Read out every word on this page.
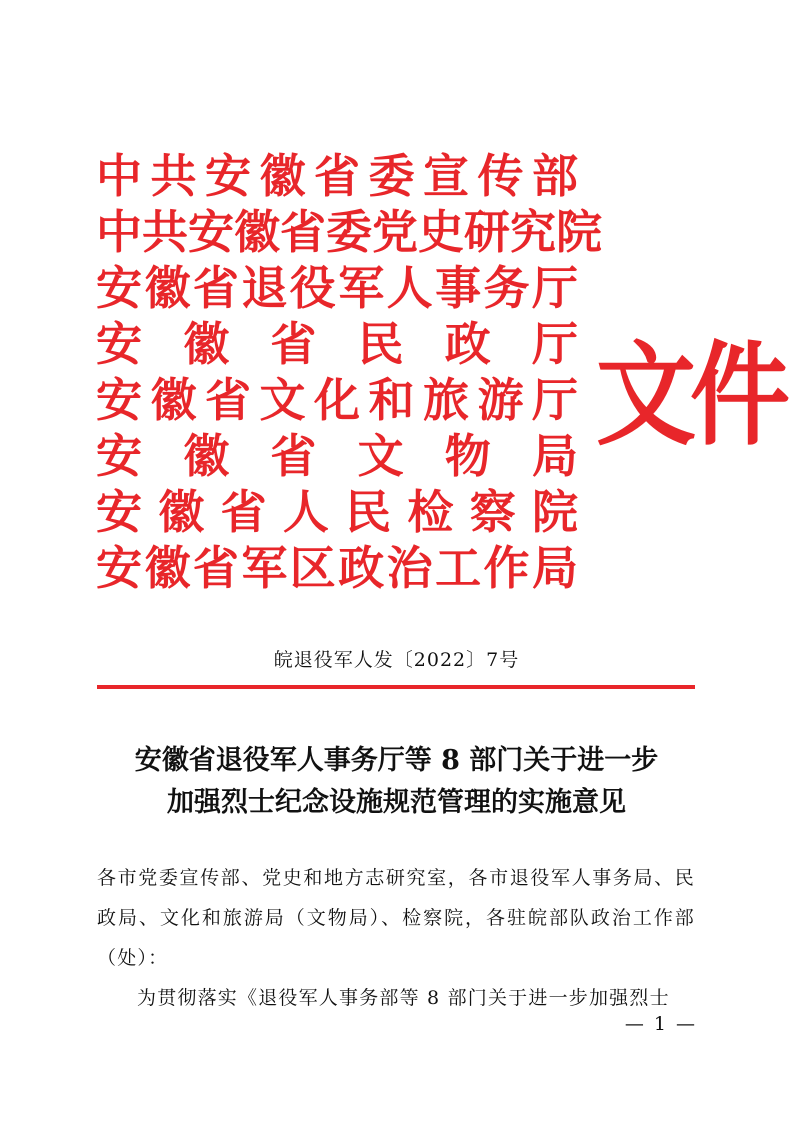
中 共 安 徽 省 委 宣 传 部
中 共 安 徽 省 委 党 史 研 究 院
安 徽 省 退 役 军 人 事 务 厅
安 徽 省 民 政 厅
安 徽 省 文 化 和 旅 游 厅
安 徽 省 文 物 局
安 徽 省 人 民 检 察 院
安 徽 省 军 区 政 治 工 作 局
文件
皖退役军人发〔2022〕7号
安徽省退役军人事务厅等 8 部门关于进一步
加强烈士纪念设施规范管理的实施意见

各市党委宣传部、党史和地方志研究室，各市退役军人事务局、民政局、文化和旅游局（文物局）、检察院，各驻皖部队政治工作部（处）：

为贯彻落实《退役军人事务部等 8 部门关于进一步加强烈士

— 1 —
